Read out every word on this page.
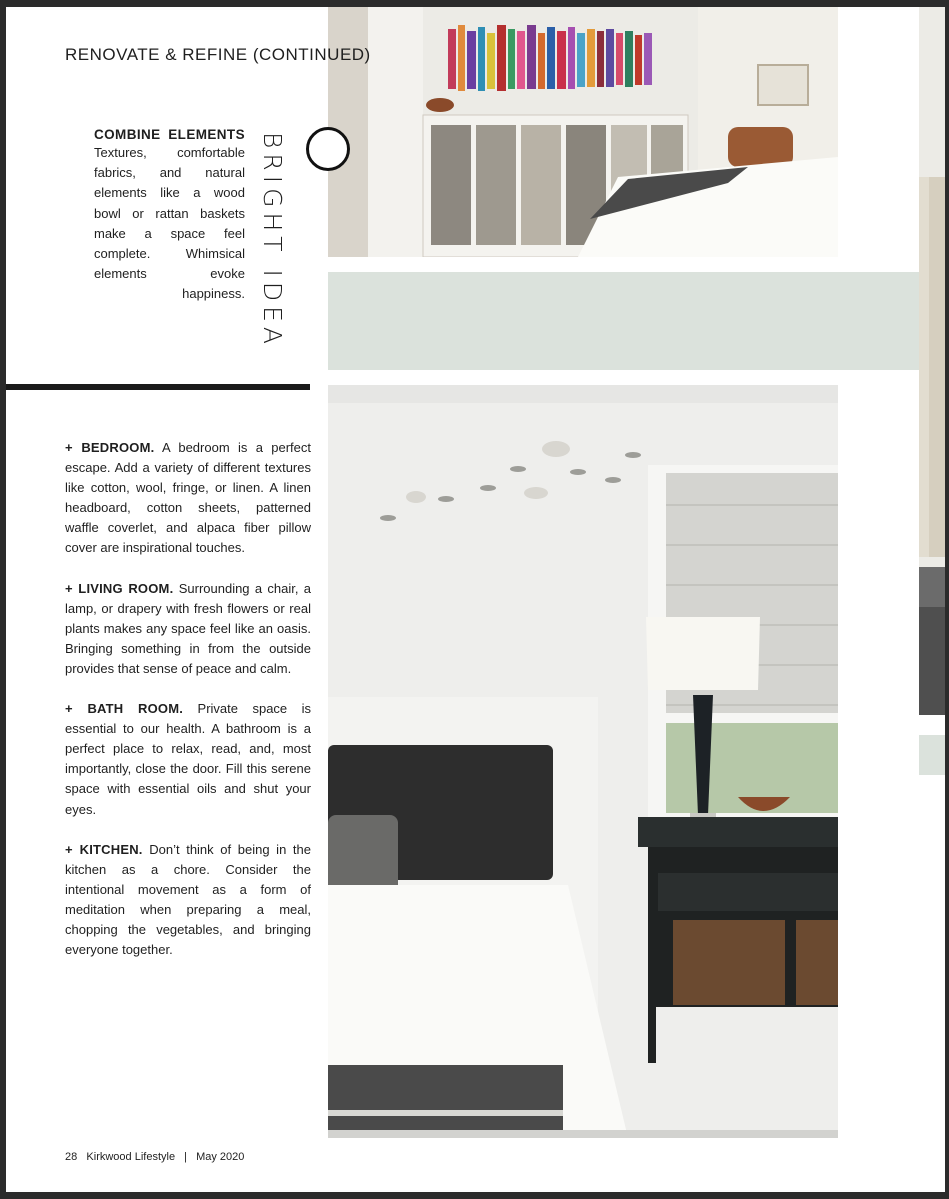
RENOVATE & REFINE (CONTINUED)
COMBINE ELEMENTS
Textures, comfortable fabrics, and natural elements like a wood bowl or rattan baskets make a space feel complete. Whimsical elements evoke happiness. BRIGHT IDEA

+ BEDROOM. A bedroom is a perfect escape. Add a variety of different textures like cotton, wool, fringe, or linen. A linen headboard, cotton sheets, patterned waffle coverlet, and alpaca fiber pillow cover are inspirational touches.

+ LIVING ROOM. Surrounding a chair, a lamp, or drapery with fresh flowers or real plants makes any space feel like an oasis. Bringing something in from the outside provides that sense of peace and calm.

+ BATH ROOM. Private space is essential to our health. A bathroom is a perfect place to relax, read, and, most importantly, close the door. Fill this serene space with essential oils and shut your eyes.

+ KITCHEN. Don’t think of being in the kitchen as a chore. Consider the intentional movement as a form of meditation when preparing a meal, chopping the vegetables, and bringing everyone together.

28 Kirkwood Lifestyle | May 2020
